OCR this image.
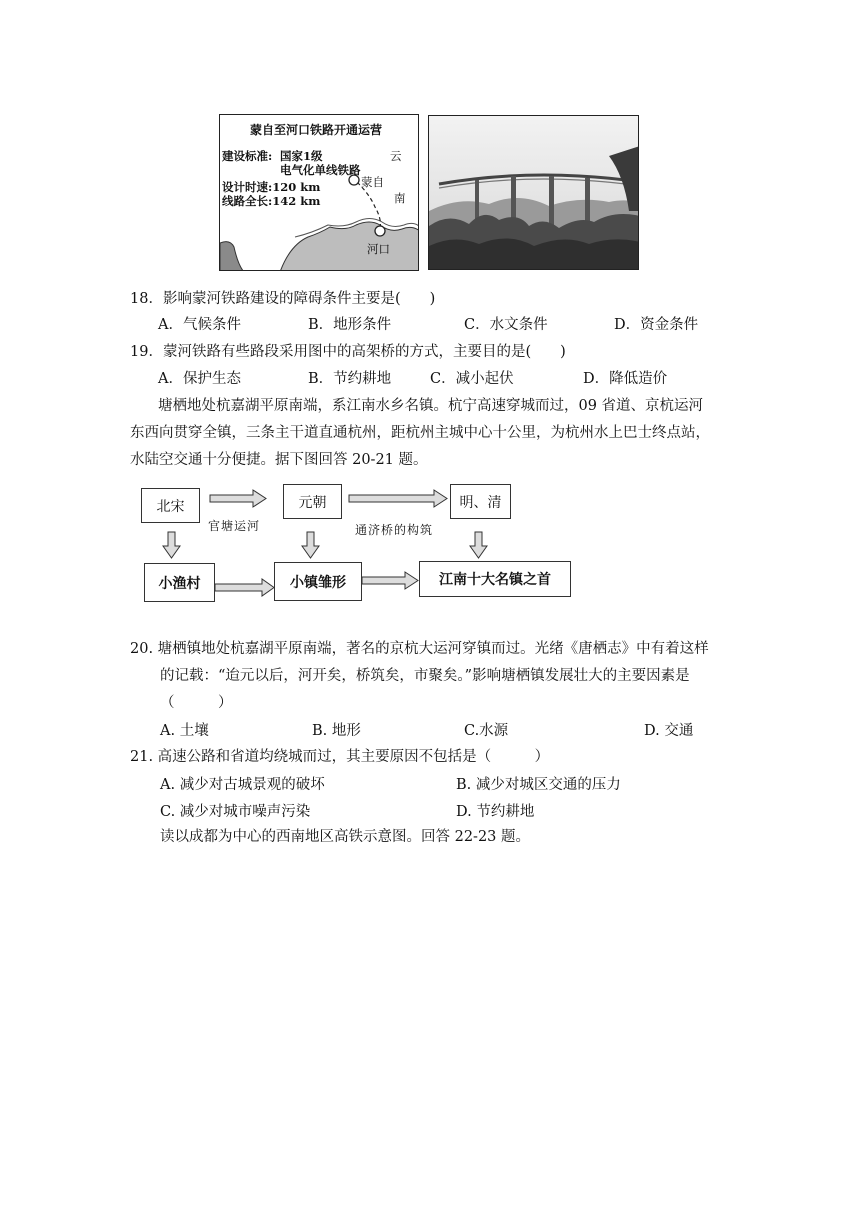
蒙自至河口铁路开通运营
建设标准: 国家1级
电气化单线铁路
设计时速:120 km
线路全长:142 km
云
南
蒙自
河口
18．影响蒙河铁路建设的障碍条件主要是(　　)
A．气候条件	B．地形条件	C．水文条件	D．资金条件
19．蒙河铁路有些路段采用图中的高架桥的方式，主要目的是(　　)
A．保护生态	B．节约耕地	C．减小起伏	D．降低造价
塘栖地处杭嘉湖平原南端，系江南水乡名镇。杭宁高速穿城而过，09 省道、京杭运河
东西向贯穿全镇，三条主干道直通杭州，距杭州主城中心十公里，为杭州水上巴士终点站，
水陆空交通十分便捷。据下图回答 20-21 题。
北宋	元朝	明、清
官塘运河	通济桥的构筑
小渔村	小镇雏形	江南十大名镇之首
20. 塘栖镇地处杭嘉湖平原南端，著名的京杭大运河穿镇而过。光绪《唐栖志》中有着这样
的记载：“迨元以后，河开矣，桥筑矣，市聚矣。”影响塘栖镇发展壮大的主要因素是
（　　　）
A. 土壤	B. 地形	C.水源	D. 交通
21. 高速公路和省道均绕城而过，其主要原因不包括是（　　　）
A. 减少对古城景观的破坏	B. 减少对城区交通的压力
C. 减少对城市噪声污染	D. 节约耕地
读以成都为中心的西南地区高铁示意图。回答 22-23 题。
